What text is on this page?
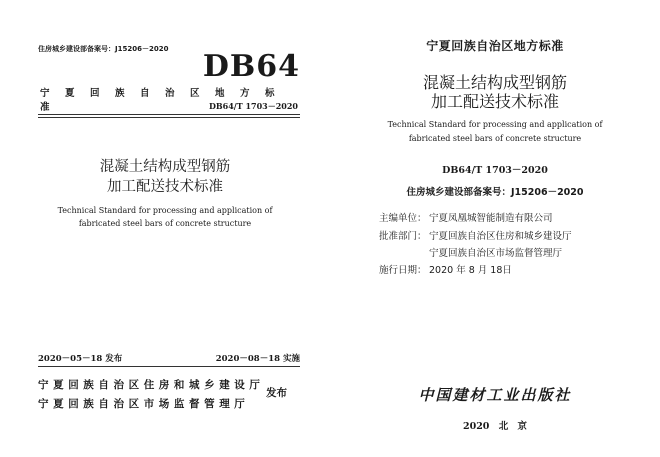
住房城乡建设部备案号：J15206－2020 DB64
宁 夏 回 族 自 治 区 地 方 标准	DB64/T 1703－2020
混凝土结构成型钢筋
加工配送技术标准
Technical Standard for processing and application of
fabricated steel bars of concrete structure
2020－05－18 发布	2020－08－18 实施
宁夏回族自治区住房和城乡建设厅
宁夏回族自治区市场监督管理厅
发布
宁夏回族自治区地方标准
混凝土结构成型钢筋
加工配送技术标准
Technical Standard for processing and application of
fabricated steel bars of concrete structure
DB64/T 1703－2020
住房城乡建设部备案号：J15206－2020
主编单位： 宁夏凤凰城智能制造有限公司
批准部门： 宁夏回族自治区住房和城乡建设厅
宁夏回族自治区市场监督管理厅
施行日期： 2020 年 8 月 18日
中国建材工业出版社
2020 北 京
